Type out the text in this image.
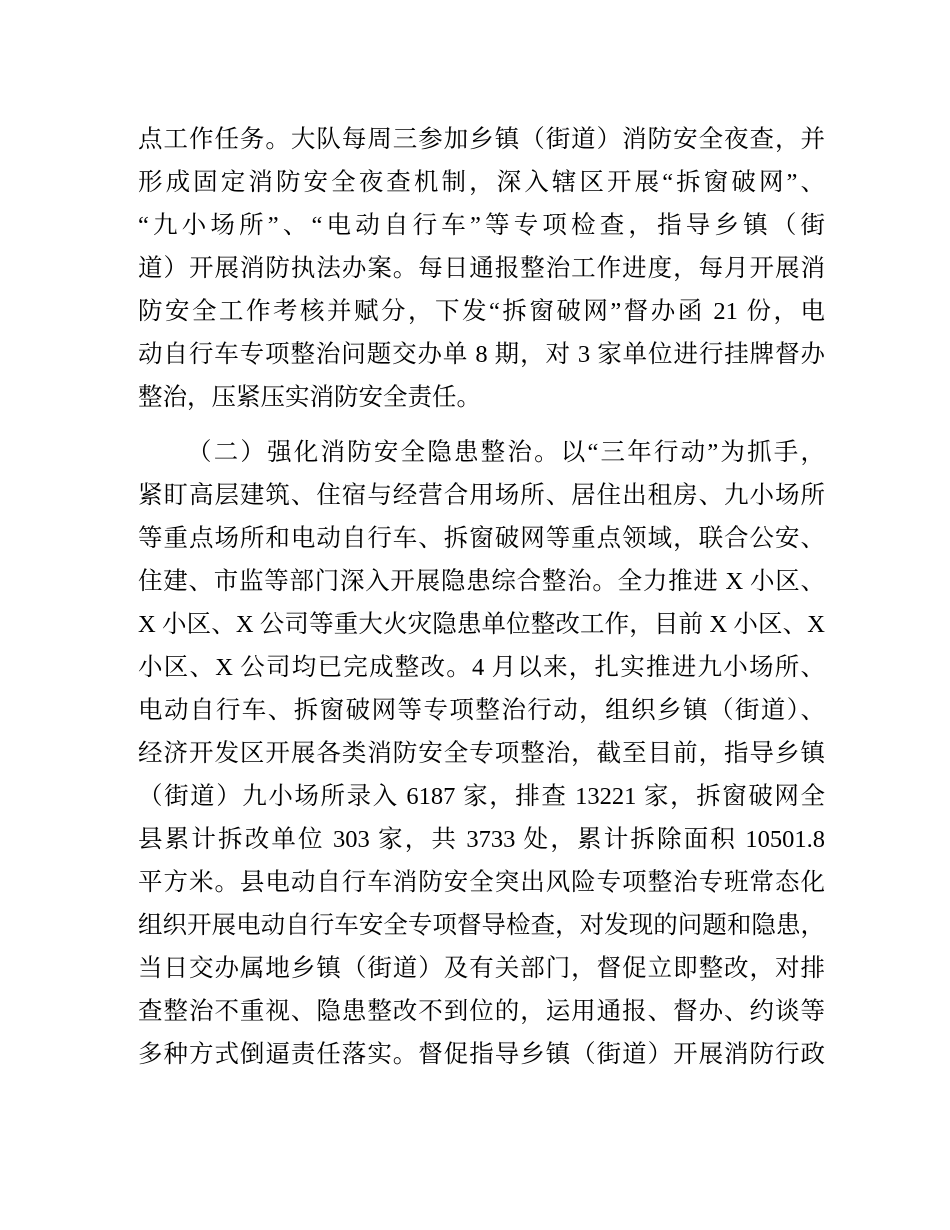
点工作任务。大队每周三参加乡镇（街道）消防安全夜查，并
形成固定消防安全夜查机制，深入辖区开展“拆窗破网”、
“九小场所”、“电动自行车”等专项检查，指导乡镇（街
道）开展消防执法办案。每日通报整治工作进度，每月开展消
防安全工作考核并赋分，下发“拆窗破网”督办函 21 份，电
动自行车专项整治问题交办单 8 期，对 3 家单位进行挂牌督办
整治，压紧压实消防安全责任。
（二）强化消防安全隐患整治。以“三年行动”为抓手，
紧盯高层建筑、住宿与经营合用场所、居住出租房、九小场所
等重点场所和电动自行车、拆窗破网等重点领域，联合公安、
住建、市监等部门深入开展隐患综合整治。全力推进 X 小区、
X 小区、X 公司等重大火灾隐患单位整改工作，目前 X 小区、X
小区、X 公司均已完成整改。4 月以来，扎实推进九小场所、
电动自行车、拆窗破网等专项整治行动，组织乡镇（街道）、
经济开发区开展各类消防安全专项整治，截至目前，指导乡镇
（街道）九小场所录入 6187 家，排查 13221 家，拆窗破网全
县累计拆改单位 303 家，共 3733 处，累计拆除面积 10501.8
平方米。县电动自行车消防安全突出风险专项整治专班常态化
组织开展电动自行车安全专项督导检查，对发现的问题和隐患，
当日交办属地乡镇（街道）及有关部门，督促立即整改，对排
查整治不重视、隐患整改不到位的，运用通报、督办、约谈等
多种方式倒逼责任落实。督促指导乡镇（街道）开展消防行政
